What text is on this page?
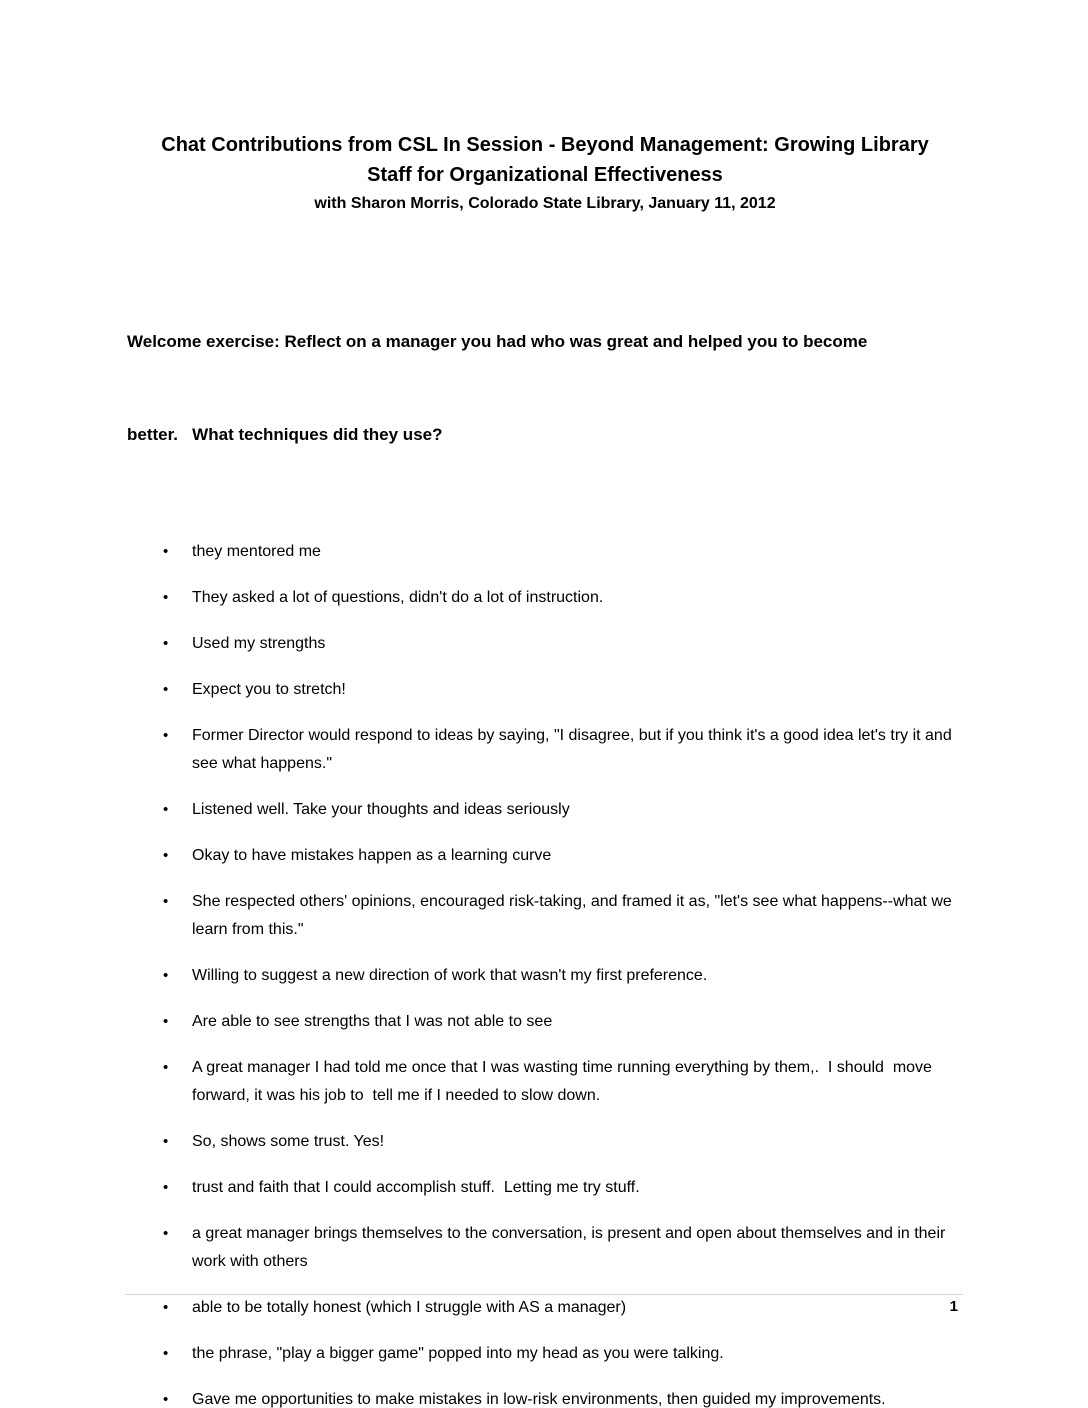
Chat Contributions from CSL In Session - Beyond Management: Growing Library
Staff for Organizational Effectiveness
with Sharon Morris, Colorado State Library, January 11, 2012

Welcome exercise: Reflect on a manager you had who was great and helped you to become

better.   What techniques did they use?

• they mentored me
• They asked a lot of questions, didn't do a lot of instruction.
• Used my strengths
• Expect you to stretch!
• Former Director would respond to ideas by saying, "I disagree, but if you think it's a good idea let's try it and see what happens."
• Listened well. Take your thoughts and ideas seriously
• Okay to have mistakes happen as a learning curve
• She respected others' opinions, encouraged risk-taking, and framed it as, "let's see what happens--what we learn from this."
• Willing to suggest a new direction of work that wasn't my first preference.
• Are able to see strengths that I was not able to see
• A great manager I had told me once that I was wasting time running everything by them,.  I should  move forward, it was his job to  tell me if I needed to slow down.
• So, shows some trust. Yes!
• trust and faith that I could accomplish stuff.  Letting me try stuff.
• a great manager brings themselves to the conversation, is present and open about themselves and in their work with others
• able to be totally honest (which I struggle with AS a manager)
• the phrase, "play a bigger game" popped into my head as you were talking.
• Gave me opportunities to make mistakes in low-risk environments, then guided my improvements.
1
